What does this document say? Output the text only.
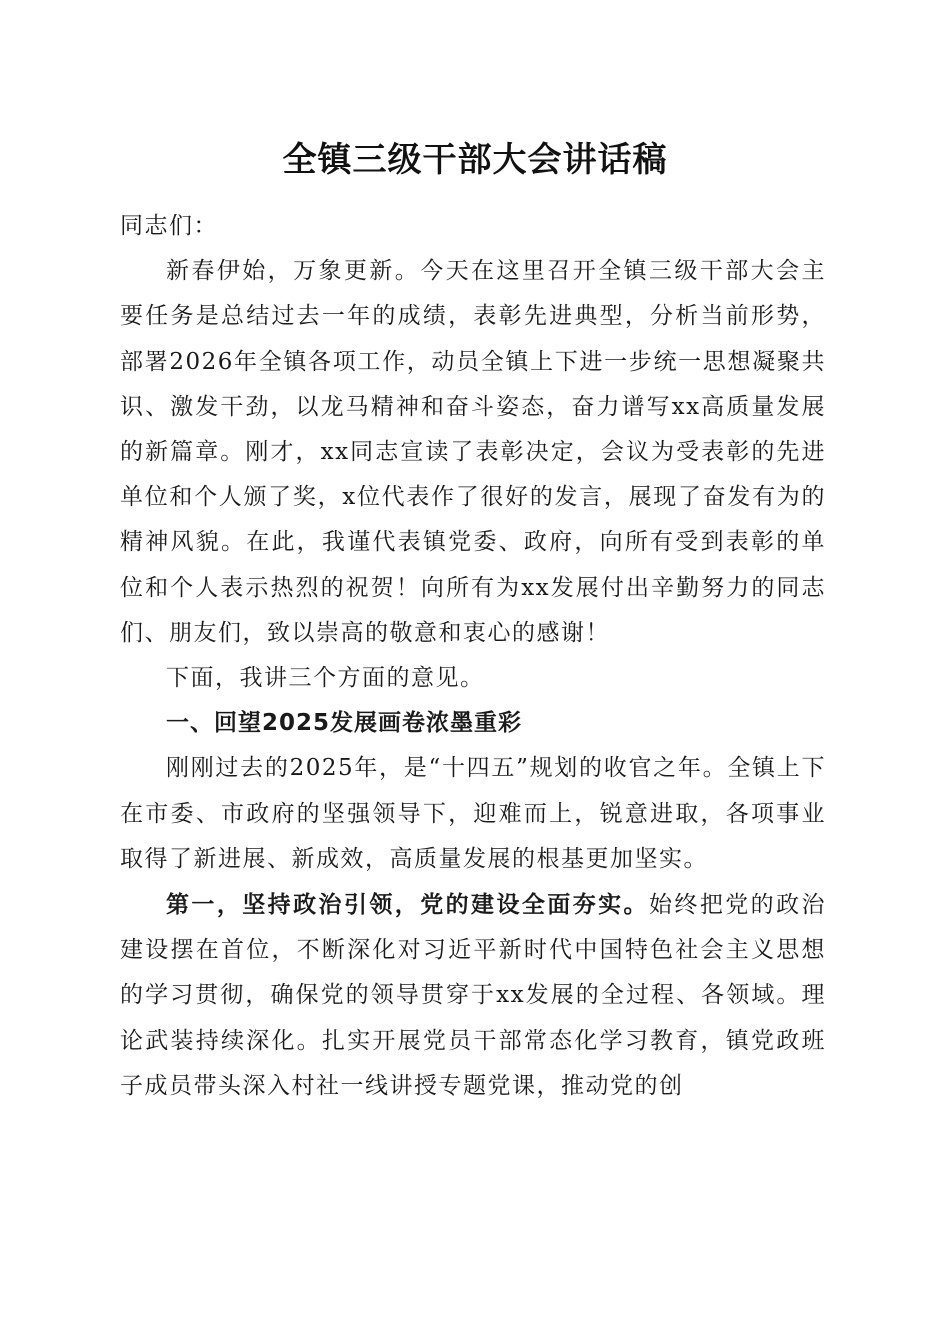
全镇三级干部大会讲话稿

同志们：

新春伊始，万象更新。今天在这里召开全镇三级干部大会主要任务是总结过去一年的成绩，表彰先进典型，分析当前形势，部署2026年全镇各项工作，动员全镇上下进一步统一思想凝聚共识、激发干劲，以龙马精神和奋斗姿态，奋力谱写xx高质量发展的新篇章。刚才，xx同志宣读了表彰决定，会议为受表彰的先进单位和个人颁了奖，x位代表作了很好的发言，展现了奋发有为的精神风貌。在此，我谨代表镇党委、政府，向所有受到表彰的单位和个人表示热烈的祝贺！向所有为xx发展付出辛勤努力的同志们、朋友们，致以崇高的敬意和衷心的感谢！

下面，我讲三个方面的意见。

一、回望2025发展画卷浓墨重彩

刚刚过去的2025年，是“十四五”规划的收官之年。全镇上下在市委、市政府的坚强领导下，迎难而上，锐意进取，各项事业取得了新进展、新成效，高质量发展的根基更加坚实。

第一，坚持政治引领，党的建设全面夯实。始终把党的政治建设摆在首位，不断深化对习近平新时代中国特色社会主义思想的学习贯彻，确保党的领导贯穿于xx发展的全过程、各领域。理论武装持续深化。扎实开展党员干部常态化学习教育，镇党政班子成员带头深入村社一线讲授专题党课，推动党的创
